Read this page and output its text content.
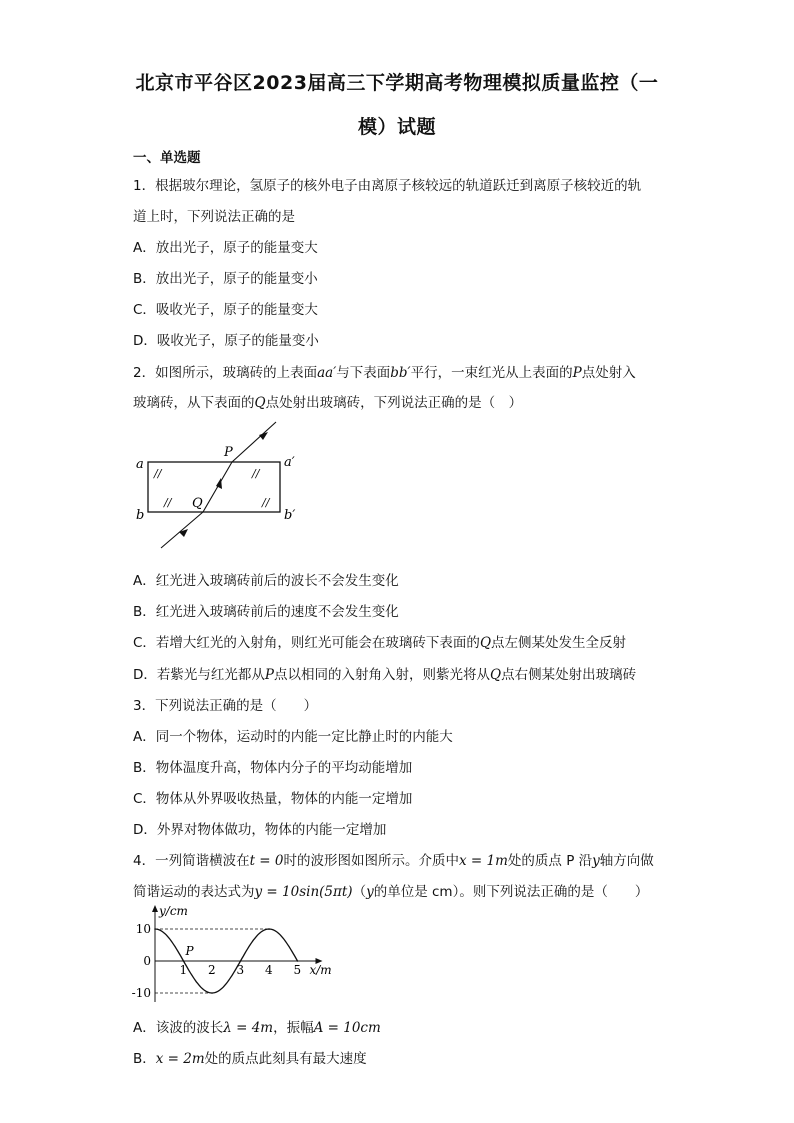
北京市平谷区2023届高三下学期高考物理模拟质量监控（一
模）试题
一、单选题
1．根据玻尔理论，氢原子的核外电子由离原子核较远的轨道跃迁到离原子核较近的轨
道上时，下列说法正确的是
A．放出光子，原子的能量变大
B．放出光子，原子的能量变小
C．吸收光子，原子的能量变大
D．吸收光子，原子的能量变小
2．如图所示，玻璃砖的上表面aa′与下表面bb′平行，一束红光从上表面的P点处射入
玻璃砖，从下表面的Q点处射出玻璃砖，下列说法正确的是（　）
P
Q
a	a′
b	b′
//	//
//	//
A．红光进入玻璃砖前后的波长不会发生变化
B．红光进入玻璃砖前后的速度不会发生变化
C．若增大红光的入射角，则红光可能会在玻璃砖下表面的Q点左侧某处发生全反射
D．若紫光与红光都从P点以相同的入射角入射，则紫光将从Q点右侧某处射出玻璃砖
3．下列说法正确的是（　　）
A．同一个物体，运动时的内能一定比静止时的内能大
B．物体温度升高，物体内分子的平均动能增加
C．物体从外界吸收热量，物体的内能一定增加
D．外界对物体做功，物体的内能一定增加
4．一列简谐横波在t = 0时的波形图如图所示。介质中x = 1m处的质点 P 沿y轴方向做
简谐运动的表达式为y = 10sin(5πt)（y的单位是 cm）。则下列说法正确的是（　　）
y/cm
x/m
10
0
-10
1 2 3 4 5
P
A．该波的波长λ = 4m，振幅A = 10cm
B．x = 2m处的质点此刻具有最大速度
